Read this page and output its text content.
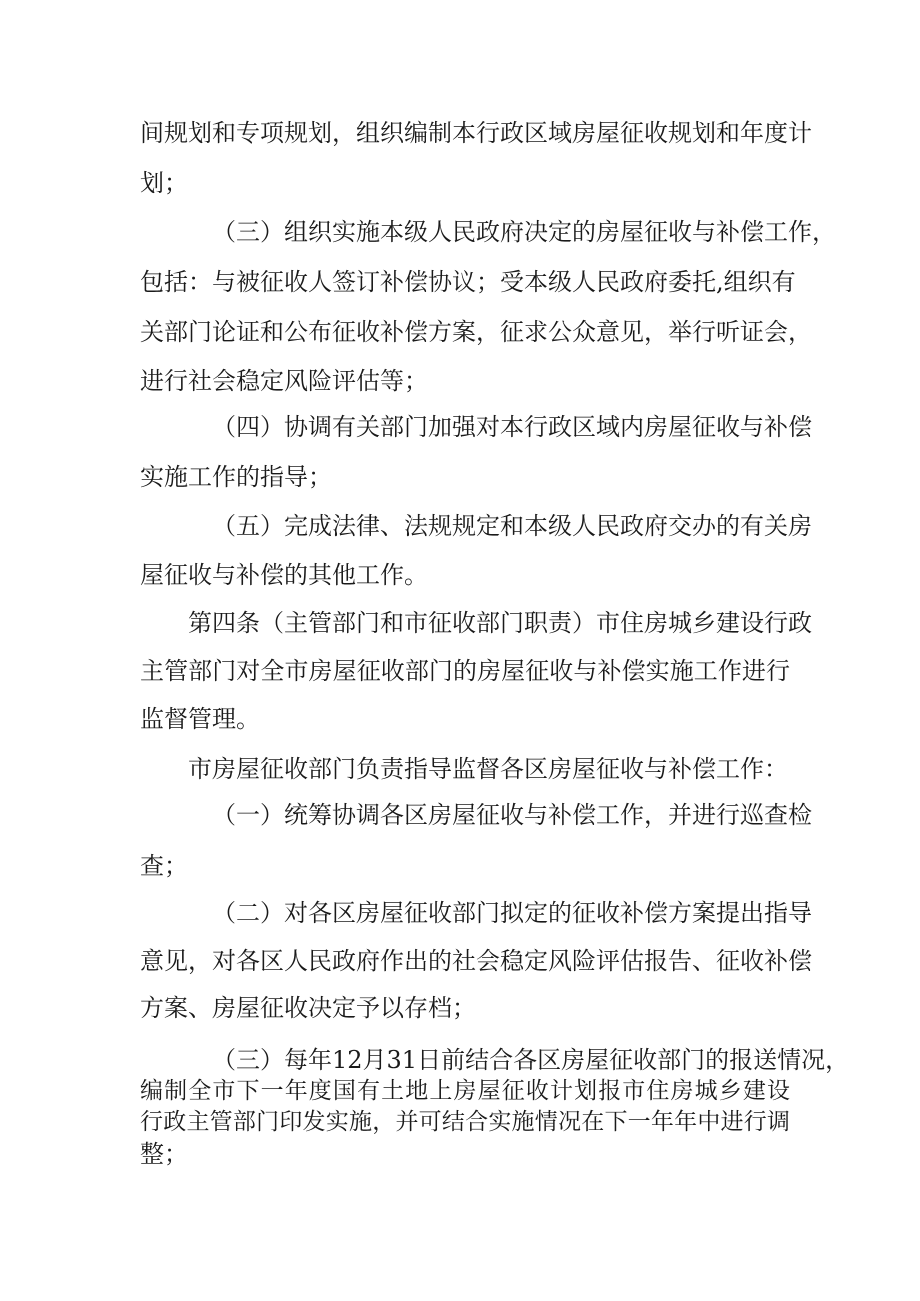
间规划和专项规划，组织编制本行政区域房屋征收规划和年度计

划；

（三）组织实施本级人民政府决定的房屋征收与补偿工作，

包括：与被征收人签订补偿协议；受本级人民政府委托,组织有

关部门论证和公布征收补偿方案，征求公众意见，举行听证会，

进行社会稳定风险评估等；

（四）协调有关部门加强对本行政区域内房屋征收与补偿

实施工作的指导；

（五）完成法律、法规规定和本级人民政府交办的有关房

屋征收与补偿的其他工作。

第四条（主管部门和市征收部门职责）市住房城乡建设行政

主管部门对全市房屋征收部门的房屋征收与补偿实施工作进行

监督管理。

市房屋征收部门负责指导监督各区房屋征收与补偿工作：

（一）统筹协调各区房屋征收与补偿工作，并进行巡查检

查；

（二）对各区房屋征收部门拟定的征收补偿方案提出指导

意见，对各区人民政府作出的社会稳定风险评估报告、征收补偿

方案、房屋征收决定予以存档；

（三）每年12月31日前结合各区房屋征收部门的报送情况，

编制全市下一年度国有土地上房屋征收计划报市住房城乡建设

行政主管部门印发实施，并可结合实施情况在下一年年中进行调

整；
